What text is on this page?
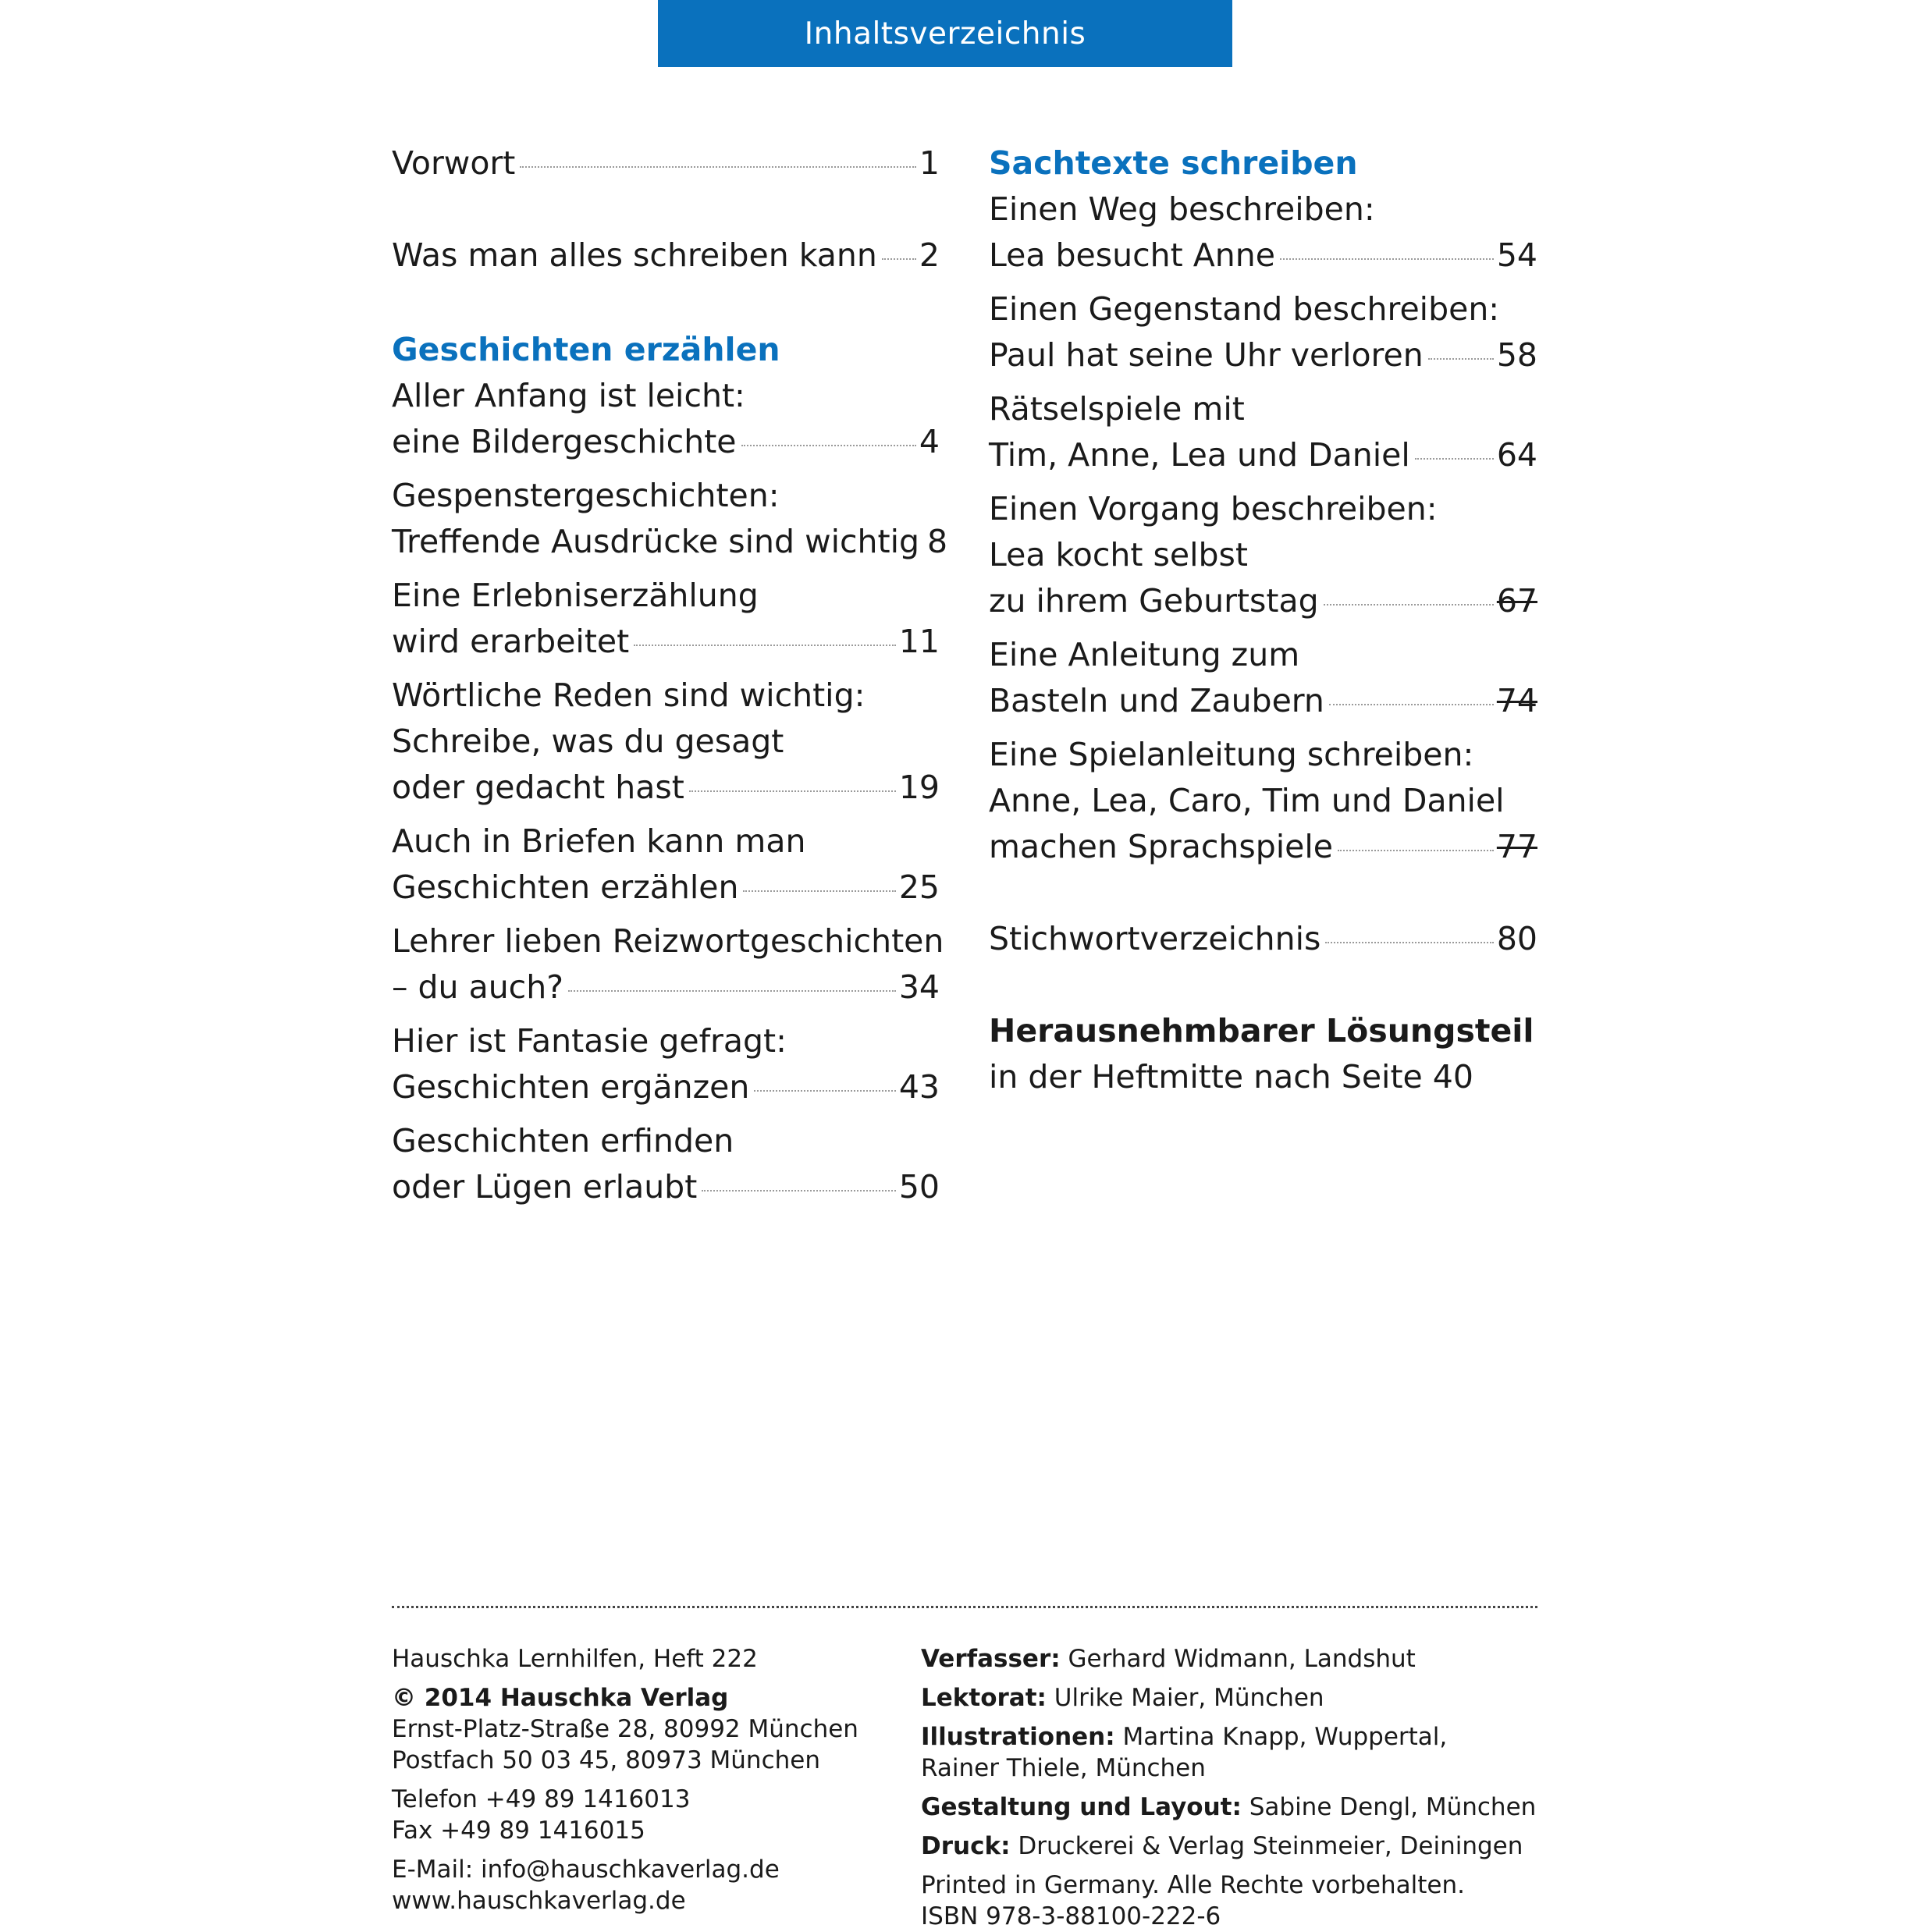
Inhaltsverzeichnis
Vorwort	1
Was man alles schreiben kann 2
Geschichten erzählen
Aller Anfang ist leicht:
eine Bildergeschichte	4
Gespenstergeschichten:
Treffende Ausdrücke sind wichtig 8
Eine Erlebniserzählung
wird erarbeitet	11
Wörtliche Reden sind wichtig:
Schreibe, was du gesagt
oder gedacht hast	19
Auch in Briefen kann man
Geschichten erzählen	25
Lehrer lieben Reizwortgeschichten
– du auch?	34
Hier ist Fantasie gefragt:
Geschichten ergänzen	43
Geschichten erfinden
oder Lügen erlaubt	50
Sachtexte schreiben
Einen Weg beschreiben:
Lea besucht Anne	54
Einen Gegenstand beschreiben:
Paul hat seine Uhr verloren 58
Rätselspiele mit
Tim, Anne, Lea und Daniel	64
Einen Vorgang beschreiben:
Lea kocht selbst
zu ihrem Geburtstag	67
Eine Anleitung zum
Basteln und Zaubern	74
Eine Spielanleitung schreiben:
Anne, Lea, Caro, Tim und Daniel
machen Sprachspiele	77
Stichwortverzeichnis	80
Herausnehmbarer Lösungsteil
in der Heftmitte nach Seite 40

Hauschka Lernhilfen, Heft 222

© 2014 Hauschka Verlag

Ernst-Platz-Straße 28, 80992 München

Postfach 50 03 45, 80973 München

Telefon +49 89 1416013

Fax +49 89 1416015

E-Mail: info@hauschkaverlag.de

www.hauschkaverlag.de

Verfasser: Gerhard Widmann, Landshut

Lektorat: Ulrike Maier, München

Illustrationen: Martina Knapp, Wuppertal,

Rainer Thiele, München

Gestaltung und Layout: Sabine Dengl, München

Druck: Druckerei & Verlag Steinmeier, Deiningen

Printed in Germany. Alle Rechte vorbehalten.

ISBN 978-3-88100-222-6
